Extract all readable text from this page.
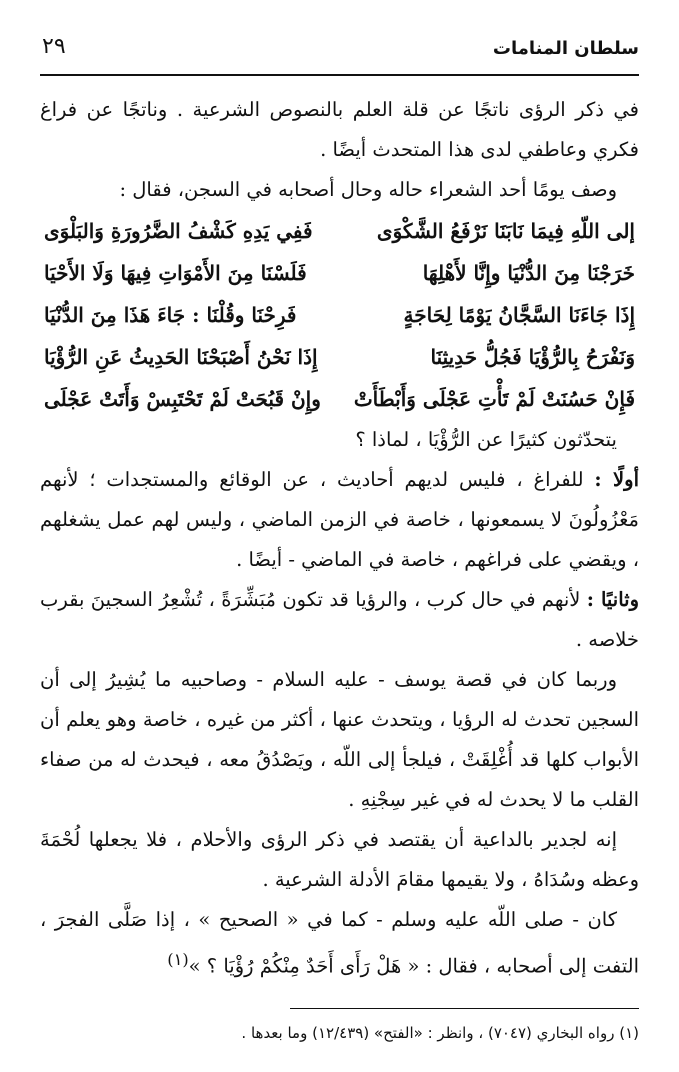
سلطان المنامات
٢٩

في ذكر الرؤى ناتجًا عن قلة العلم بالنصوص الشرعية . وناتجًا عن فراغ فكري وعاطفي لدى هذا المتحدث أيضًا .

وصف يومًا أحد الشعراء حاله وحال أصحابه في السجن، فقال :

إلى اللّهِ فِيمَا نَابَنَا نَرْفَعُ الشَّكْوَى
فَفِي يَدِهِ كَشْفُ الضَّرُورَةِ وَالبَلْوَى
خَرَجْنَا مِنَ الدُّنْيَا وإِنَّا لأَهْلِهَا
فَلَسْنَا مِنَ الأَمْوَاتِ فِيهَا وَلَا الأَحْيَا
إِذَا جَاءَنَا السَّجَّانُ يَوْمًا لِحَاجَةٍ
فَرِحْنَا وقُلْنَا : جَاءَ هَذَا مِنَ الدُّنْيَا
وَنَفْرَحُ بِالرُّؤْيَا فَجُلُّ حَدِيثِنَا
إِذَا نَحْنُ أَصْبَحْنَا الحَدِيثُ عَنِ الرُّؤْيَا
فَإِنْ حَسُنَتْ لَمْ تَأْتِ عَجْلَى وَأَبْطَأَتْ
وإِنْ قَبُحَتْ لَمْ تَحْتَبِسْ وَأَتَتْ عَجْلَى

يتحدّثون كثيرًا عن الرُّؤْيَا ، لماذا ؟

أولًا : للفراغ ، فليس لديهم أحاديث ، عن الوقائع والمستجدات ؛ لأنهم مَعْزُولُونَ لا يسمعونها ، خاصة في الزمن الماضي ، وليس لهم عمل يشغلهم ، ويقضي على فراغهم ، خاصة في الماضي - أيضًا .

وثانيًا : لأنهم في حال كرب ، والرؤيا قد تكون مُبَشِّرَةً ، تُشْعِرُ السجينَ بقرب خلاصه .

وربما كان في قصة يوسف - عليه السلام - وصاحبيه ما يُشِيرُ إلى أن السجين تحدث له الرؤيا ، ويتحدث عنها ، أكثر من غيره ، خاصة وهو يعلم أن الأبواب كلها قد أُغْلِقَتْ ، فيلجأ إلى اللّه ، ويَصْدُقُ معه ، فيحدث له من صفاء القلب ما لا يحدث له في غير سِجْنِهِ .

إنه لجدير بالداعية أن يقتصد في ذكر الرؤى والأحلام ، فلا يجعلها لُحْمَةَ وعظه وسُدَاهُ ، ولا يقيمها مقامَ الأدلة الشرعية .

كان - صلى اللّه عليه وسلم - كما في « الصحيح » ، إذا صَلَّى الفجرَ ، التفت إلى أصحابه ، فقال : « هَلْ رَأَى أَحَدٌ مِنْكُمْ رُؤْيَا ؟ »$^{(١)}$

(١) رواه البخاري (٧٠٤٧) ، وانظر : «الفتح» (١٢/٤٣٩) وما بعدها .
